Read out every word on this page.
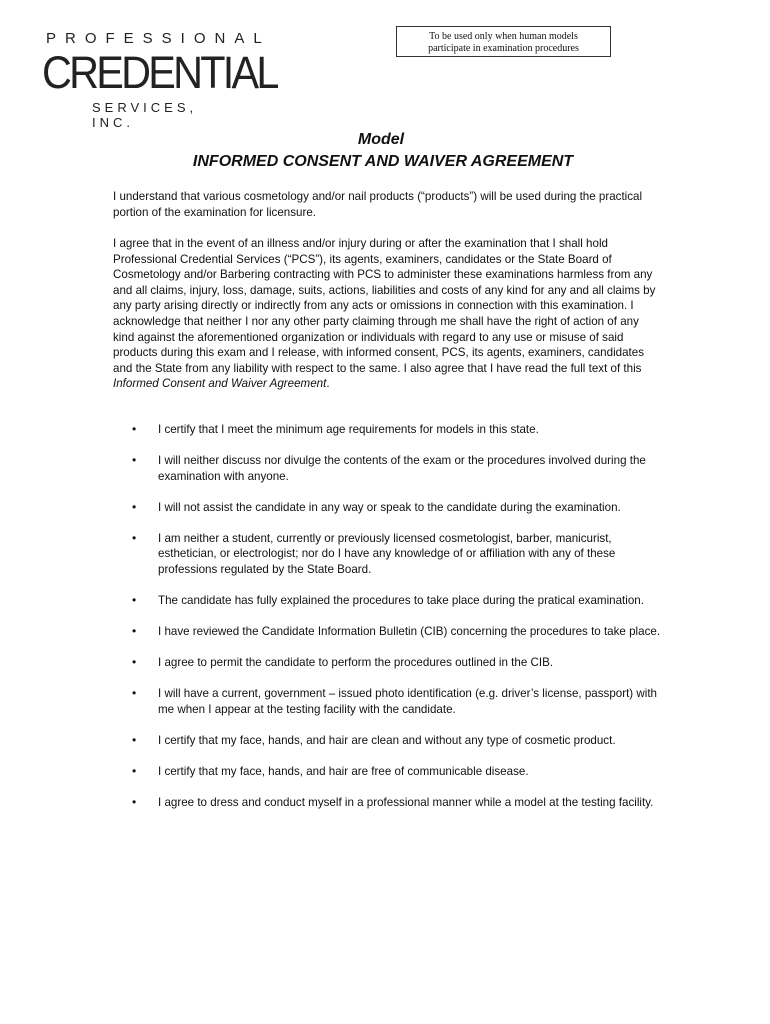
PROFESSIONAL
CREDENTIAL
SERVICES, INC.
To be used only when human models
participate in examination procedures
Model
INFORMED CONSENT AND WAIVER AGREEMENT
I understand that various cosmetology and/or nail products (“products”) will be used during the practical portion of the examination for licensure.
I agree that in the event of an illness and/or injury during or after the examination that I shall hold Professional Credential Services (“PCS”), its agents, examiners, candidates or the State Board of Cosmetology and/or Barbering contracting with PCS to administer these examinations harmless from any and all claims, injury, loss, damage, suits, actions, liabilities and costs of any kind for any and all claims by any party arising directly or indirectly from any acts or omissions in connection with this examination. I acknowledge that neither I nor any other party claiming through me shall have the right of action of any kind against the aforementioned organization or individuals with regard to any use or misuse of said products during this exam and I release, with informed consent, PCS, its agents, examiners, candidates and the State from any liability with respect to the same. I also agree that I have read the full text of this Informed Consent and Waiver Agreement.
• I certify that I meet the minimum age requirements for models in this state.
• I will neither discuss nor divulge the contents of the exam or the procedures involved during the examination with anyone.
• I will not assist the candidate in any way or speak to the candidate during the examination.
• I am neither a student, currently or previously licensed cosmetologist, barber, manicurist, esthetician, or electrologist; nor do I have any knowledge of or affiliation with any of these professions regulated by the State Board.
• The candidate has fully explained the procedures to take place during the pratical examination.
• I have reviewed the Candidate Information Bulletin (CIB) concerning the procedures to take place.
• I agree to permit the candidate to perform the procedures outlined in the CIB.
• I will have a current, government – issued photo identification (e.g. driver’s license, passport) with me when I appear at the testing facility with the candidate.
• I certify that my face, hands, and hair are clean and without any type of cosmetic product.
• I certify that my face, hands, and hair are free of communicable disease.
• I agree to dress and conduct myself in a professional manner while a model at the testing facility.
